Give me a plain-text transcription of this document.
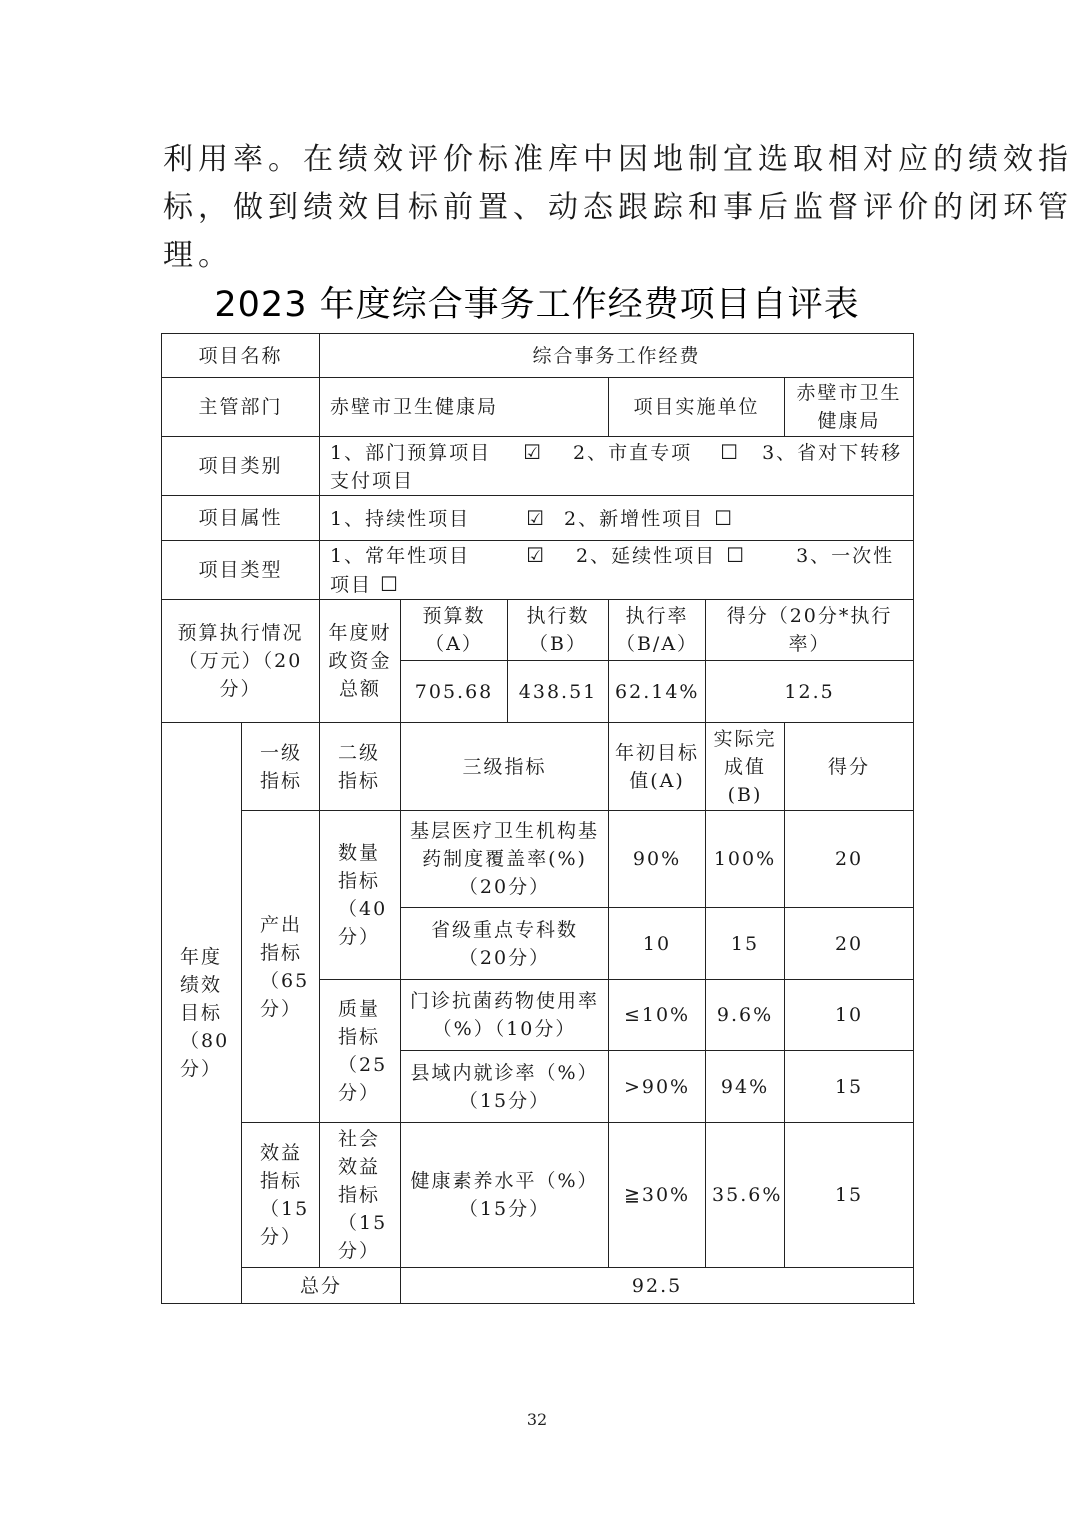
利用率。在绩效评价标准库中因地制宜选取相对应的绩效指
标，做到绩效目标前置、动态跟踪和事后监督评价的闭环管
理。
2023 年度综合事务工作经费项目自评表
项目名称		综合事务工作经费					
主管部门		赤壁市卫生健康局			项目实施单位		赤壁市卫生健康局
项目类别		1、部门预算项目 ☑ 2、市直专项 ☐ 3、省对下转移支付项目					
项目属性		1、持续性项目 ☑ 2、新增性项目 ☐					
项目类型		1、常年性项目 ☑ 2、延续性项目 ☐ 3、一次性项目 ☐					
预算执行情况（万元）（20分）		年度财政资金总额	预算数（A）	执行数（B）	执行率（B/A）	得分（20分*执行率）	
			705.68	438.51	62.14%	12.5	
年度绩效目标（80分）	一级指标	二级指标	三级指标		年初目标值(A)	实际完成值(B)	得分
	产出指标（65分）	数量指标（40分）	基层医疗卫生机构基药制度覆盖率(%)（20分）		90%	100%	20
			省级重点专科数（20分）		10	15	20
		质量指标（25分）	门诊抗菌药物使用率（%）（10分）		≤10%	9.6%	10
			县域内就诊率（%）（15分）		>90%	94%	15
	效益指标（15分）	社会效益指标（15分）	健康素养水平（%）（15分）		≧30%	35.6%	15
	总分		92.5				
32
